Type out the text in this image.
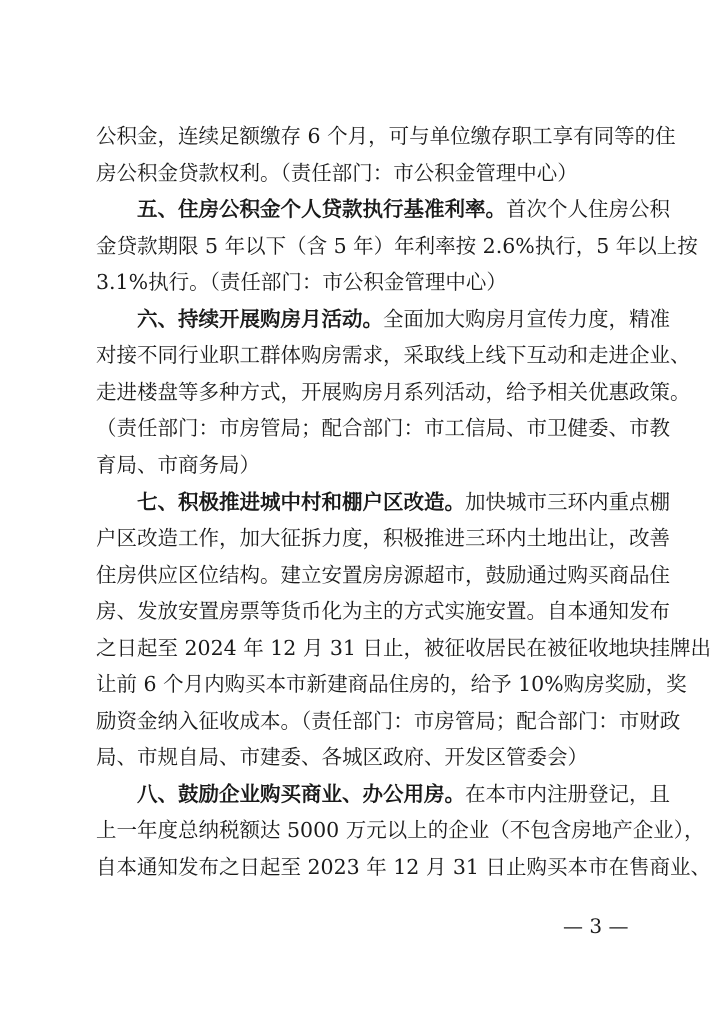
公积金，连续足额缴存 6 个月，可与单位缴存职工享有同等的住
房公积金贷款权利。（责任部门：市公积金管理中心）
五、住房公积金个人贷款执行基准利率。首次个人住房公积
金贷款期限 5 年以下（含 5 年）年利率按 2.6%执行，5 年以上按
3.1%执行。（责任部门：市公积金管理中心）
六、持续开展购房月活动。全面加大购房月宣传力度，精准
对接不同行业职工群体购房需求，采取线上线下互动和走进企业、
走进楼盘等多种方式，开展购房月系列活动，给予相关优惠政策。
（责任部门：市房管局；配合部门：市工信局、市卫健委、市教
育局、市商务局）
七、积极推进城中村和棚户区改造。加快城市三环内重点棚
户区改造工作，加大征拆力度，积极推进三环内土地出让，改善
住房供应区位结构。建立安置房房源超市，鼓励通过购买商品住
房、发放安置房票等货币化为主的方式实施安置。自本通知发布
之日起至 2024 年 12 月 31 日止，被征收居民在被征收地块挂牌出
让前 6 个月内购买本市新建商品住房的，给予 10%购房奖励，奖
励资金纳入征收成本。（责任部门：市房管局；配合部门：市财政
局、市规自局、市建委、各城区政府、开发区管委会）
八、鼓励企业购买商业、办公用房。在本市内注册登记，且
上一年度总纳税额达 5000 万元以上的企业（不包含房地产企业），
自本通知发布之日起至 2023 年 12 月 31 日止购买本市在售商业、
— 3 —
